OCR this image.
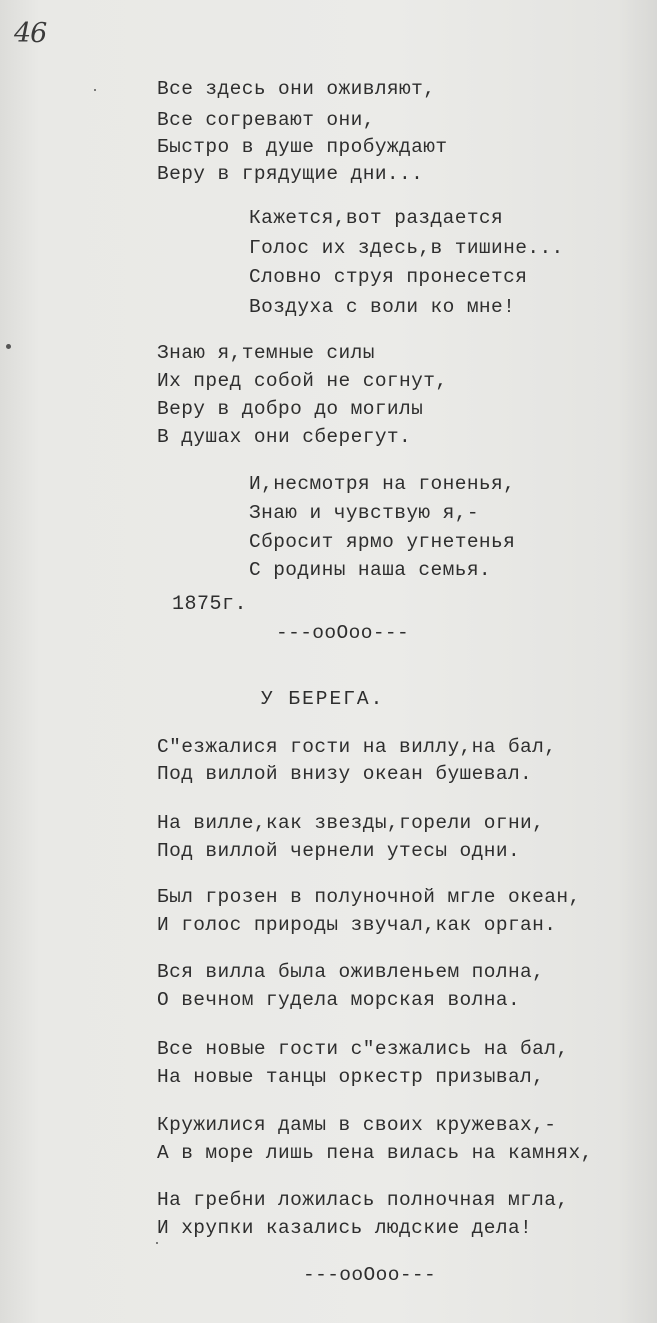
46
Все здесь они оживляют,
Все согревают они,
Быстро в душе пробуждают
Веру в грядущие дни...
Кажется,вот раздается
Голос их здесь,в тишине...
Словно струя пронесется
Воздуха с воли ко мне!
Знаю я,темные силы
Их пред собой не согнут,
Веру в добро до могилы
В душах они сберегут.
И,несмотря на гоненья,
Знаю и чувствую я,-
Сбросит ярмо угнетенья
С родины наша семья.
1875г.
---ооОоо---
У БЕРЕГА.
С"езжалися гости на виллу,на бал,
Под виллой внизу океан бушевал.
На вилле,как звезды,горели огни,
Под виллой чернели утесы одни.
Был грозен в полуночной мгле океан,
И голос природы звучал,как орган.
Вся вилла была оживленьем полна,
О вечном гудела морская волна.
Все новые гости с"езжались на бал,
На новые танцы оркестр призывал,
Кружилися дамы в своих кружевах,-
А в море лишь пена вилась на камнях,
На гребни ложилась полночная мгла,
И хрупки казались людские дела!
---ооОоо---
